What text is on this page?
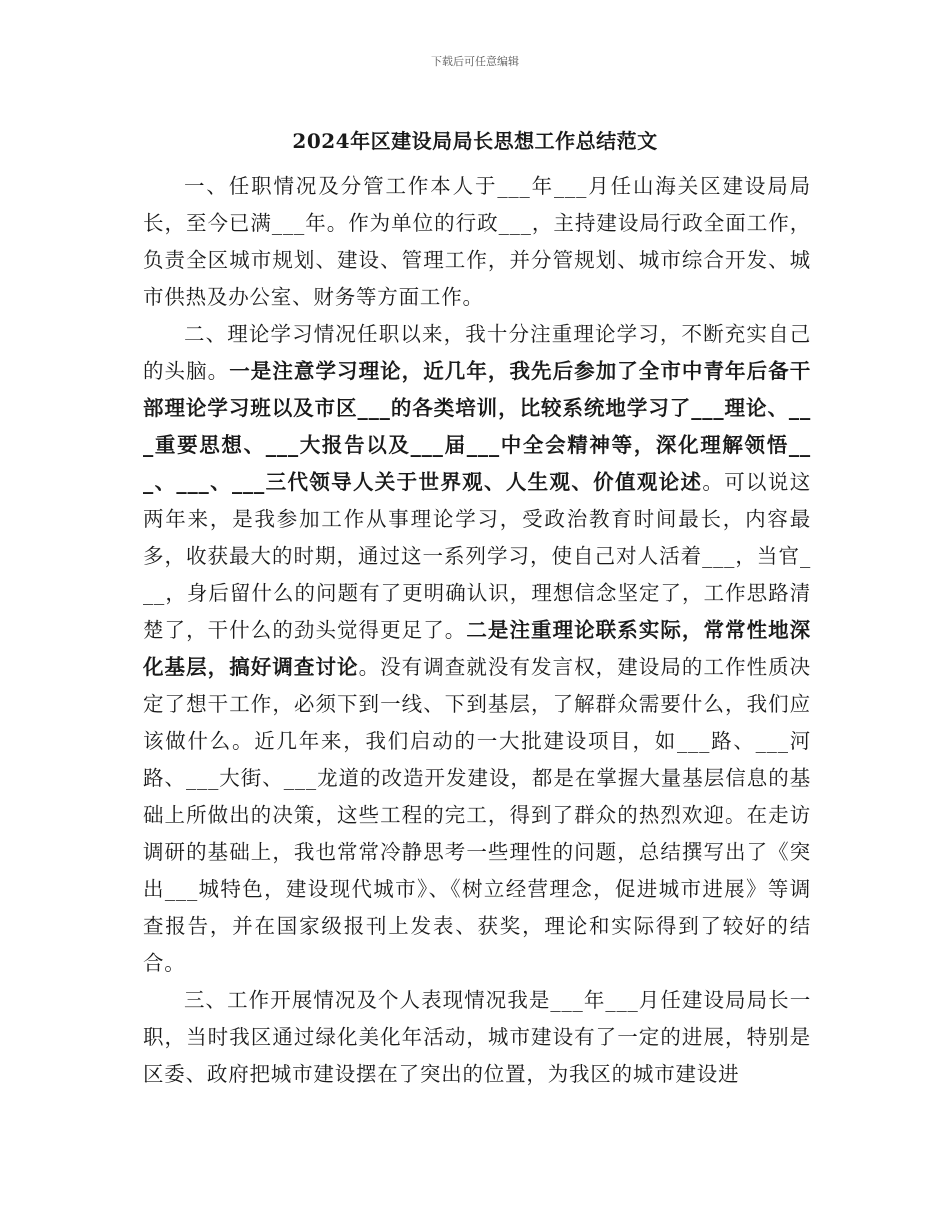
下载后可任意编辑
2024年区建设局局长思想工作总结范文

一、任职情况及分管工作本人于___年___月任山海关区建设局局长，至今已满___年。作为单位的行政___，主持建设局行政全面工作，负责全区城市规划、建设、管理工作，并分管规划、城市综合开发、城市供热及办公室、财务等方面工作。

二、理论学习情况任职以来，我十分注重理论学习，不断充实自己的头脑。一是注意学习理论，近几年，我先后参加了全市中青年后备干部理论学习班以及市区___的各类培训，比较系统地学习了___理论、___重要思想、___大报告以及___届___中全会精神等，深化理解领悟___、___、___三代领导人关于世界观、人生观、价值观论述。可以说这两年来，是我参加工作从事理论学习，受政治教育时间最长，内容最多，收获最大的时期，通过这一系列学习，使自己对人活着___，当官___，身后留什么的问题有了更明确认识，理想信念坚定了，工作思路清楚了，干什么的劲头觉得更足了。二是注重理论联系实际，常常性地深化基层，搞好调查讨论。没有调查就没有发言权，建设局的工作性质决定了想干工作，必须下到一线、下到基层，了解群众需要什么，我们应该做什么。近几年来，我们启动的一大批建设项目，如___路、___河路、___大街、___龙道的改造开发建设，都是在掌握大量基层信息的基础上所做出的决策，这些工程的完工，得到了群众的热烈欢迎。在走访调研的基础上，我也常常冷静思考一些理性的问题，总结撰写出了《突出___城特色，建设现代城市》、《树立经营理念，促进城市进展》等调查报告，并在国家级报刊上发表、获奖，理论和实际得到了较好的结合。

三、工作开展情况及个人表现情况我是___年___月任建设局局长一职，当时我区通过绿化美化年活动，城市建设有了一定的进展，特别是区委、政府把城市建设摆在了突出的位置，为我区的城市建设进
